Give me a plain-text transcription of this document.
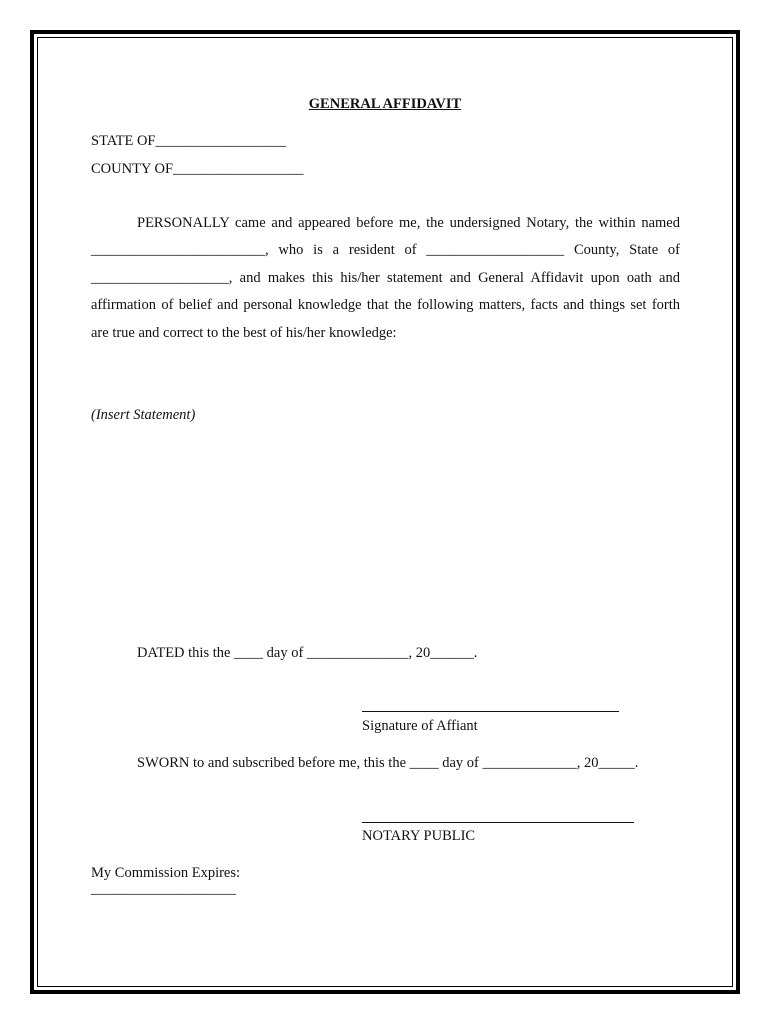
GENERAL AFFIDAVIT
STATE OF__________________
COUNTY OF__________________
PERSONALLY came and appeared before me, the undersigned Notary, the within named
________________________, who is a resident of ___________________ County, State of
___________________, and makes this his/her statement and General Affidavit upon oath and
affirmation of belief and personal knowledge that the following matters, facts and things set forth
are true and correct to the best of his/her knowledge:
(Insert Statement)
DATED this the ____ day of ______________, 20______.
Signature of Affiant
SWORN to and subscribed before me, this the ____ day of _____________, 20_____.
NOTARY PUBLIC
My Commission Expires:
____________________
